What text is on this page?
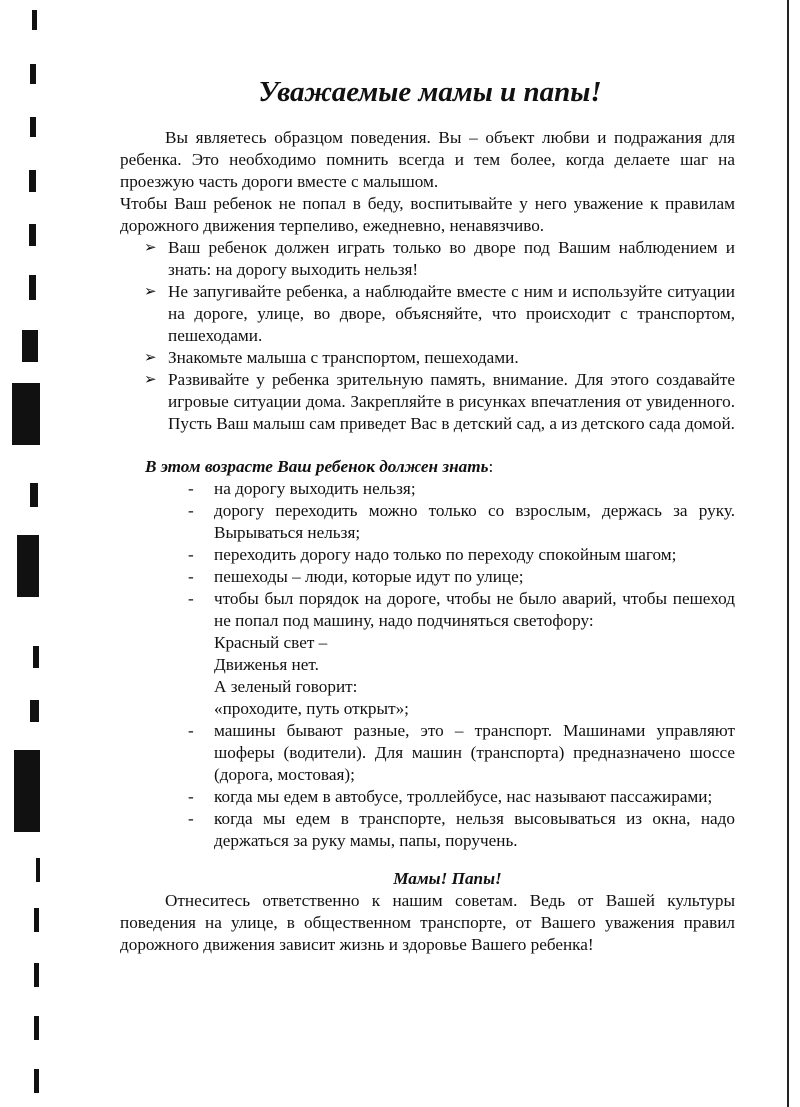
Уважаемые мамы и папы!

Вы являетесь образцом поведения. Вы – объект любви и подражания для ребенка. Это необходимо помнить всегда и тем более, когда делаете шаг на проезжую часть дороги вместе с малышом.

Чтобы Ваш ребенок не попал в беду, воспитывайте у него уважение к правилам дорожного движения терпеливо, ежедневно, ненавязчиво.

➢ Ваш ребенок должен играть только во дворе под Вашим наблюдением и знать: на дорогу выходить нельзя!
➢ Не запугивайте ребенка, а наблюдайте вместе с ним и используйте ситуации на дороге, улице, во дворе, объясняйте, что происходит с транспортом, пешеходами.
➢ Знакомьте малыша с транспортом, пешеходами.
➢ Развивайте у ребенка зрительную память, внимание. Для этого создавайте игровые ситуации дома. Закрепляйте в рисунках впечатления от увиденного. Пусть Ваш малыш сам приведет Вас в детский сад, а из детского сада домой.

В этом возрасте Ваш ребенок должен знать:

- на дорогу выходить нельзя;
- дорогу переходить можно только со взрослым, держась за руку. Вырываться нельзя;
- переходить дорогу надо только по переходу спокойным шагом;
- пешеходы – люди, которые идут по улице;
- чтобы был порядок на дороге, чтобы не было аварий, чтобы пешеход не попал под машину, надо подчиняться светофору:
Красный свет –
Движенья нет.
А зеленый говорит:
«проходите, путь открыт»;
- машины бывают разные, это – транспорт. Машинами управляют шоферы (водители). Для машин (транспорта) предназначено шоссе (дорога, мостовая);
- когда мы едем в автобусе, троллейбусе, нас называют пассажирами;
- когда мы едем в транспорте, нельзя высовываться из окна, надо держаться за руку мамы, папы, поручень.

Мамы! Папы!

Отнеситесь ответственно к нашим советам. Ведь от Вашей культуры поведения на улице, в общественном транспорте, от Вашего уважения правил дорожного движения зависит жизнь и здоровье Вашего ребенка!
